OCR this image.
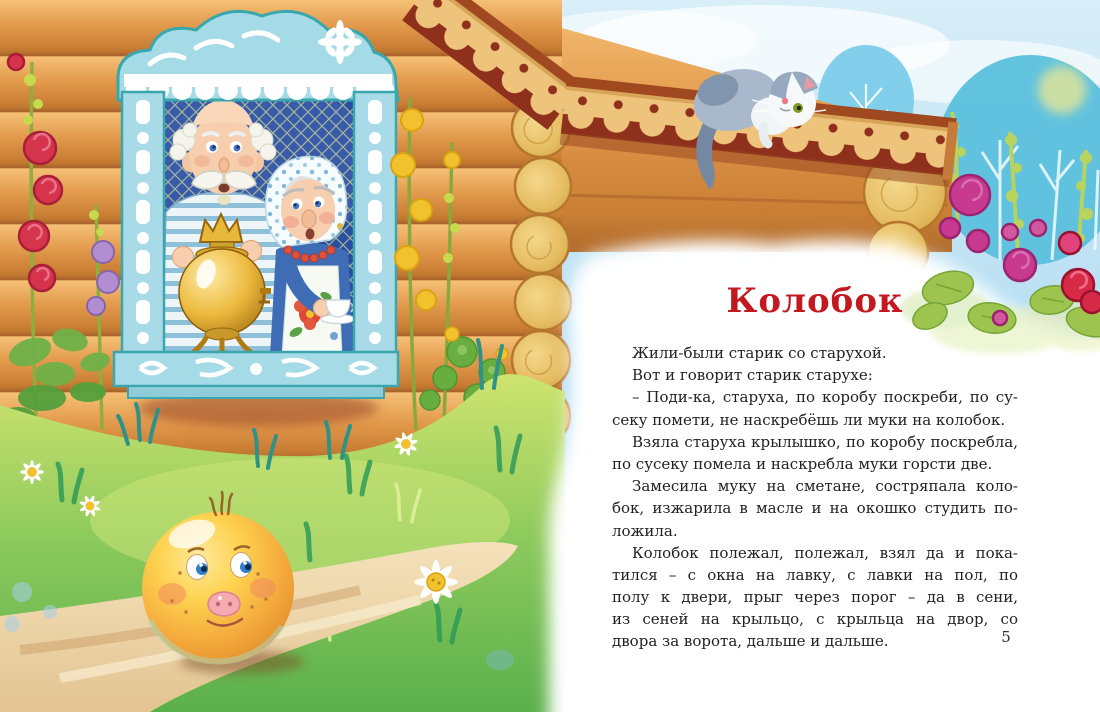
Колобок
Жили-были старик со старухой.
Вот и говорит старик старухе:
– Поди-ка, старуха, по коробу поскреби, по су-
секу помети, не наскребёшь ли муки на колобок.
Взяла старуха крылышко, по коробу поскребла,
по сусеку помела и наскребла муки горсти две.
Замесила муку на сметане, состряпала коло-
бок, изжарила в масле и на окошко студить по-
ложила.
Колобок полежал, полежал, взял да и пока-
тился – с окна на лавку, с лавки на пол, по
полу к двери, прыг через порог – да в сени,
из сеней на крыльцо, с крыльца на двор, со
двора за ворота, дальше и дальше.	5
